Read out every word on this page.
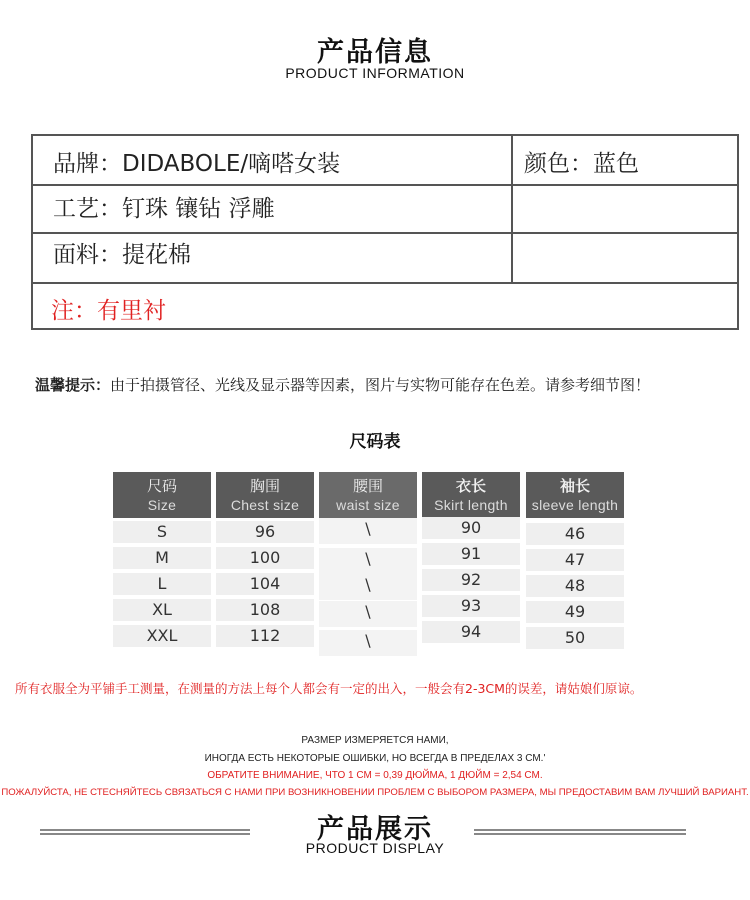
产品信息
PRODUCT INFORMATION
品牌：DIDABOLE/嘀嗒女装	颜色：蓝色
工艺：钉珠 镶钻 浮雕
面料：提花棉
注：有里衬
温馨提示：由于拍摄管径、光线及显示器等因素，图片与实物可能存在色差。请参考细节图！
尺码表
尺码
Size
S
M
L
XL
XXL
胸围
Chest size
96
100
104
108
112
腰围
waist size
\
\
\
\
\
衣长
Skirt length
90
91
92
93
94
袖长
sleeve length
46
47
48
49
50
所有衣服全为平铺手工测量，在测量的方法上每个人都会有一定的出入，一般会有2-3CM的误差，请姑娘们原谅。
РАЗМЕР ИЗМЕРЯЕТСЯ НАМИ,
ИНОГДА ЕСТЬ НЕКОТОРЫЕ ОШИБКИ, НО ВСЕГДА В ПРЕДЕЛАХ 3 СМ.'
ОБРАТИТЕ ВНИМАНИЕ, ЧТО 1 СМ = 0,39 ДЮЙМА, 1 ДЮЙМ = 2,54 СМ.
ПОЖАЛУЙСТА, НЕ СТЕСНЯЙТЕСЬ СВЯЗАТЬСЯ С НАМИ ПРИ ВОЗНИКНОВЕНИИ ПРОБЛЕМ С ВЫБОРОМ РАЗМЕРА, МЫ ПРЕДОСТАВИМ ВАМ ЛУЧШИЙ ВАРИАНТ.
产品展示
PRODUCT DISPLAY
